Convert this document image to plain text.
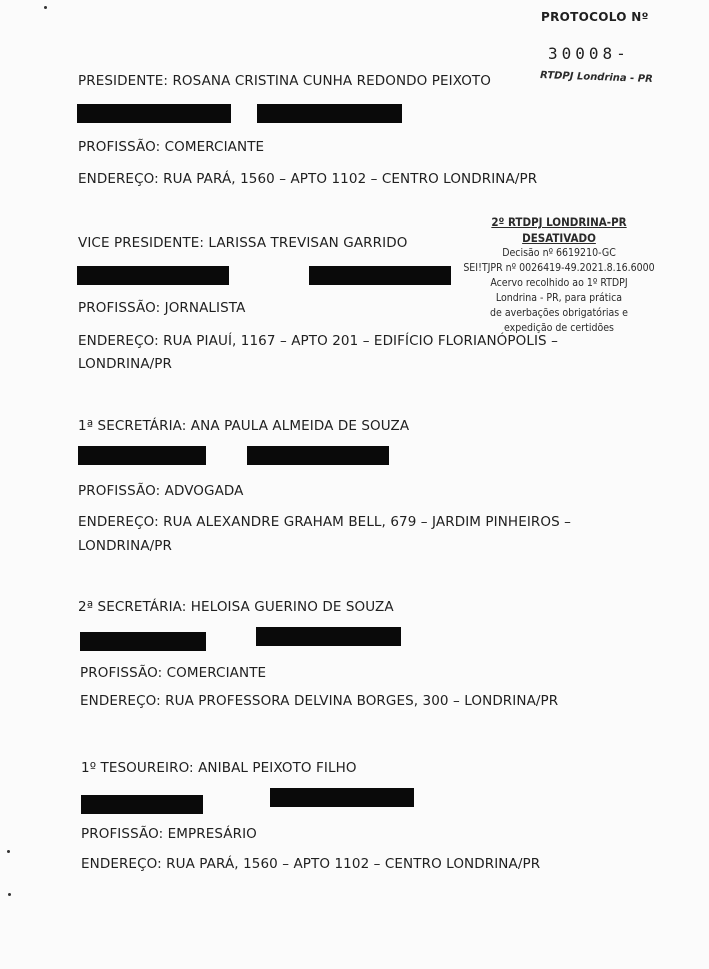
PROTOCOLO Nº
30008-
RTDPJ Londrina - PR
2º RTDPJ LONDRINA-PR DESATIVADO
Decisão nº 6619210-GC
SEI!TJPR nº 0026419-49.2021.8.16.6000
Acervo recolhido ao 1º RTDPJ
Londrina - PR, para prática
de averbações obrigatórias e
expedição de certidões
PRESIDENTE: ROSANA CRISTINA CUNHA REDONDO PEIXOTO
PROFISSÃO: COMERCIANTE
ENDEREÇO: RUA PARÁ, 1560 – APTO 1102 – CENTRO LONDRINA/PR
VICE PRESIDENTE: LARISSA TREVISAN GARRIDO
PROFISSÃO: JORNALISTA
ENDEREÇO: RUA PIAUÍ, 1167 – APTO 201 – EDIFÍCIO FLORIANÓPOLIS –
LONDRINA/PR
1ª SECRETÁRIA: ANA PAULA ALMEIDA DE SOUZA
PROFISSÃO: ADVOGADA
ENDEREÇO: RUA ALEXANDRE GRAHAM BELL, 679 – JARDIM PINHEIROS –
LONDRINA/PR
2ª SECRETÁRIA: HELOISA GUERINO DE SOUZA
PROFISSÃO: COMERCIANTE
ENDEREÇO: RUA PROFESSORA DELVINA BORGES, 300 – LONDRINA/PR
1º TESOUREIRO: ANIBAL PEIXOTO FILHO
PROFISSÃO: EMPRESÁRIO
ENDEREÇO: RUA PARÁ, 1560 – APTO 1102 – CENTRO LONDRINA/PR
